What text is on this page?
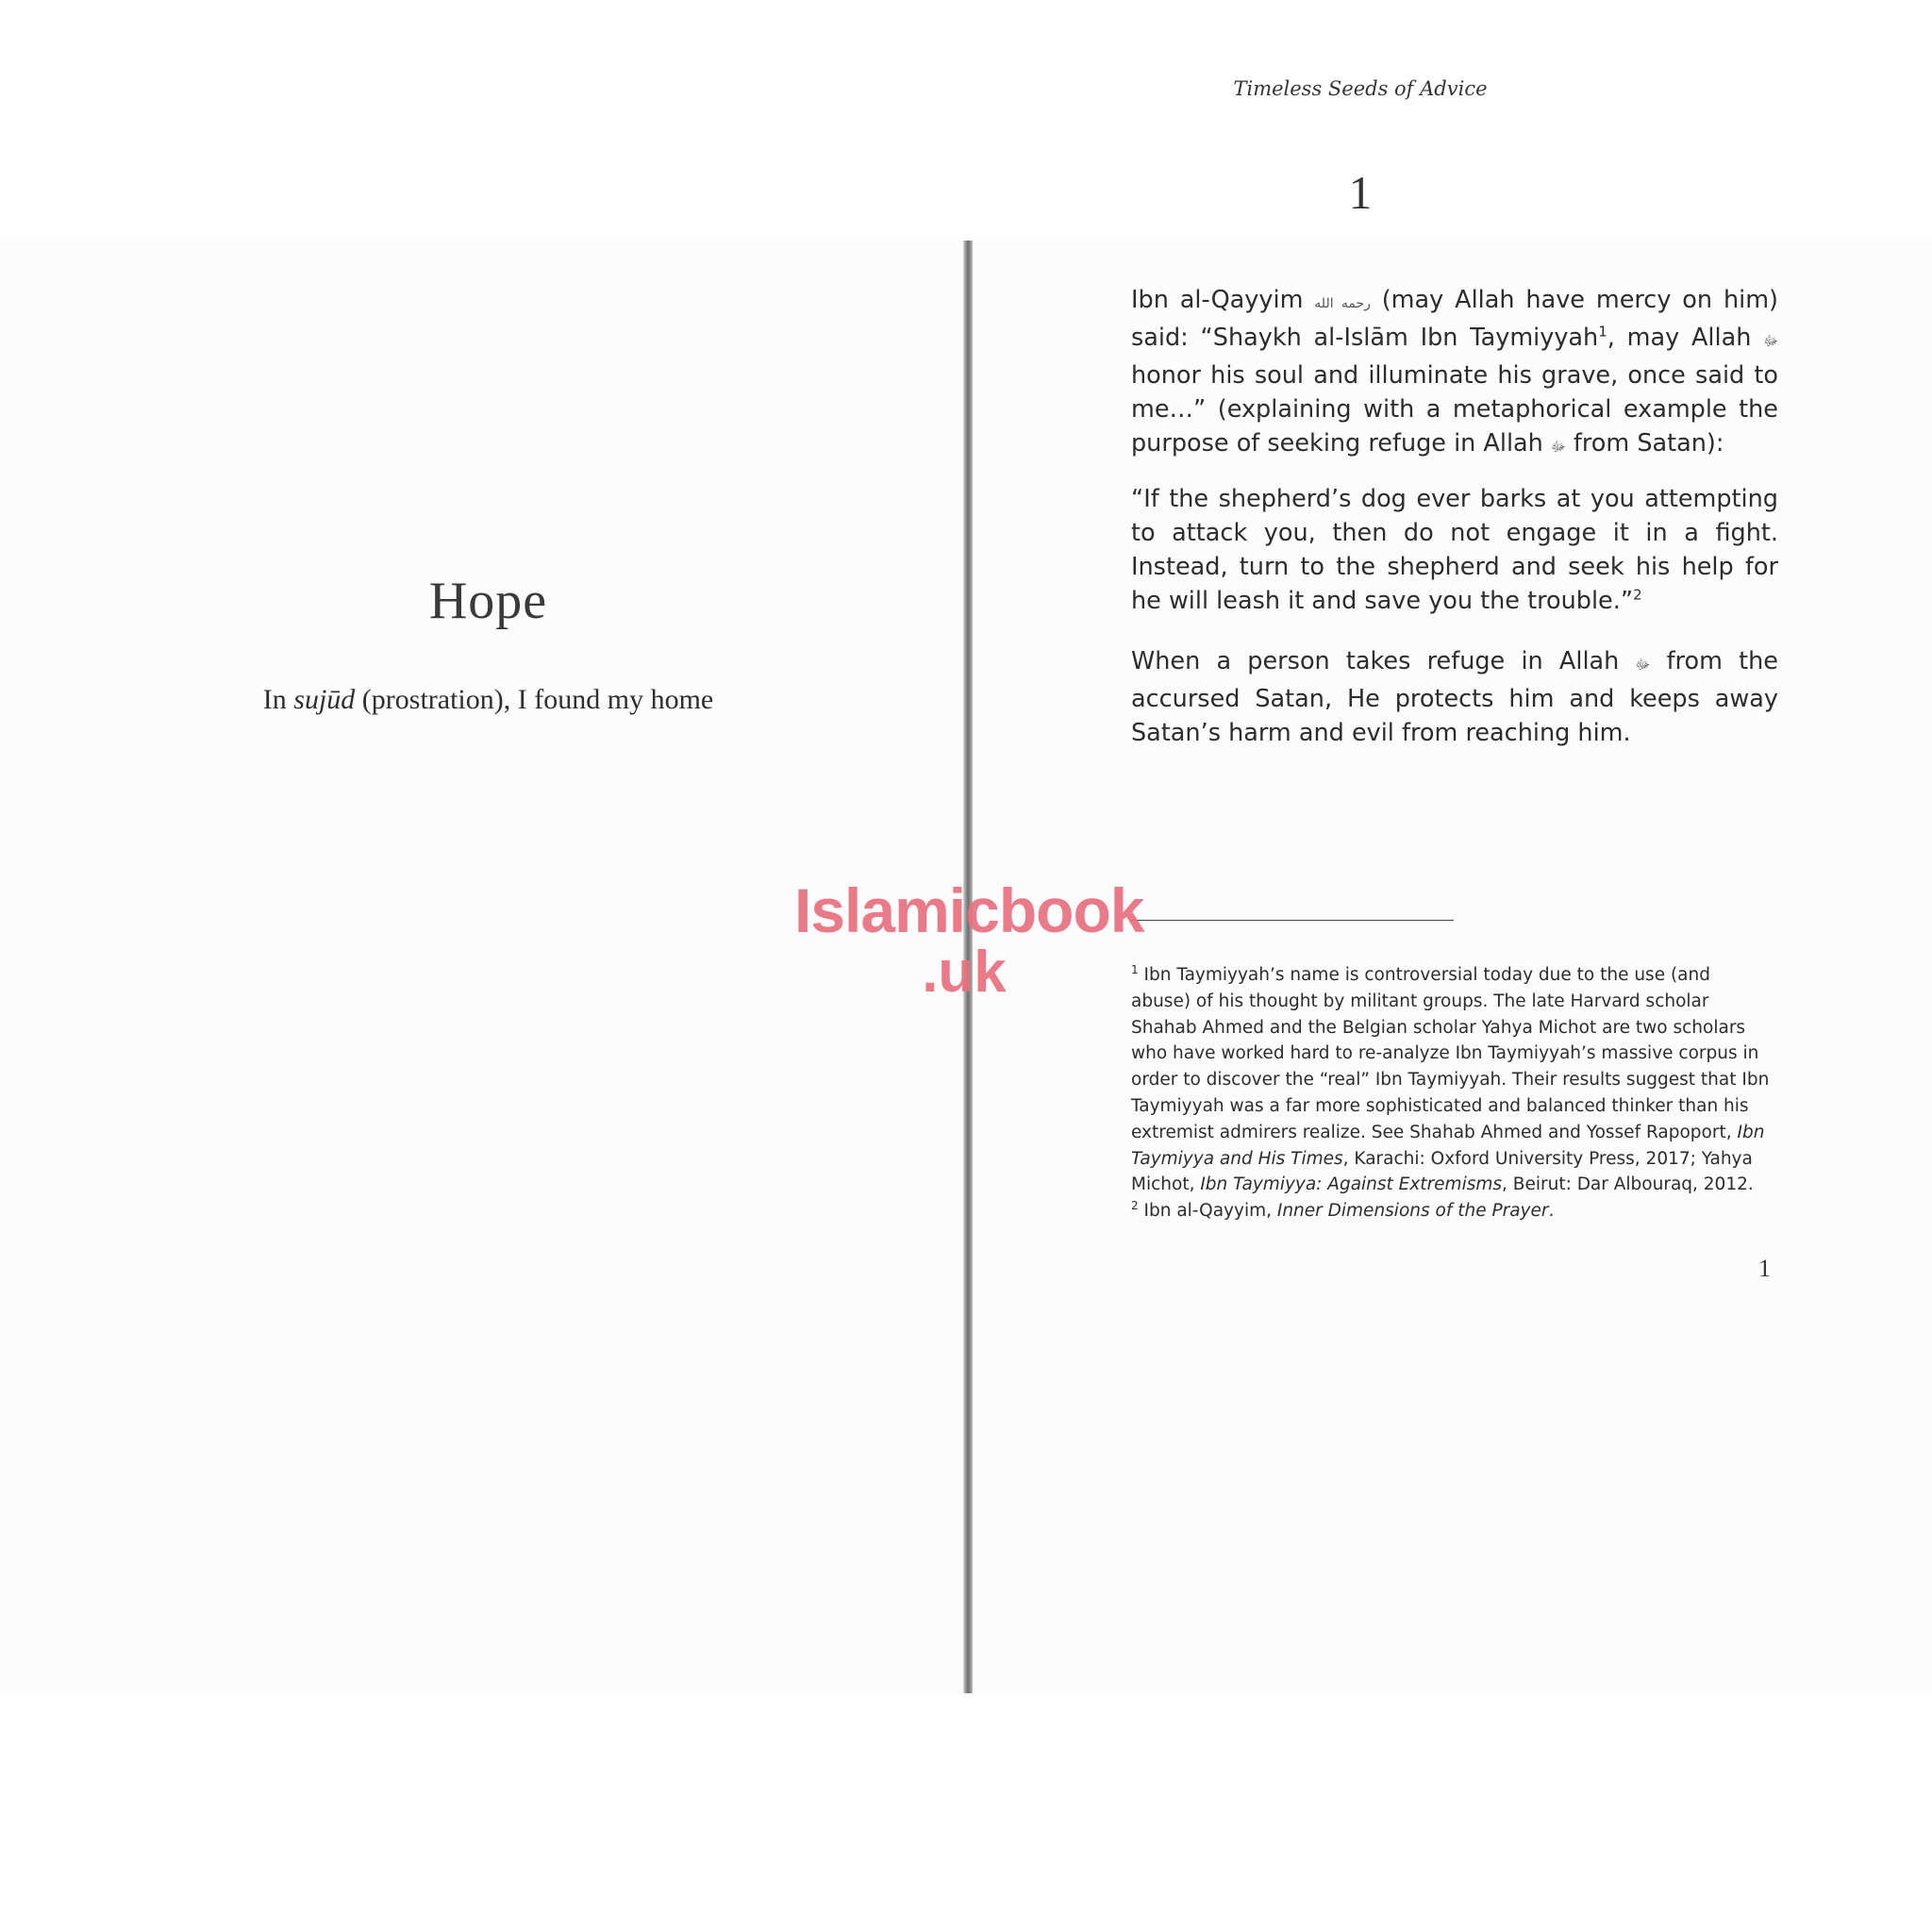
Hope
In sujūd (prostration), I found my home
Timeless Seeds of Advice
1

Ibn al-Qayyim رحمه الله (may Allah have mercy on him) said: “Shaykh al-Islām Ibn Taymiyyah$^1$, may Allah ﷻ honor his soul and illuminate his grave, once said to me…” (explaining with a metaphorical example the purpose of seeking refuge in Allah ﷻ from Satan):

“If the shepherd’s dog ever barks at you attempting to attack you, then do not engage it in a fight. Instead, turn to the shepherd and seek his help for he will leash it and save you the trouble.”$^2$

When a person takes refuge in Allah ﷻ from the accursed Satan, He protects him and keeps away Satan’s harm and evil from reaching him.

$^1$ Ibn Taymiyyah’s name is controversial today due to the use (and abuse) of his thought by militant groups. The late Harvard scholar Shahab Ahmed and the Belgian scholar Yahya Michot are two scholars who have worked hard to re-analyze Ibn Taymiyyah’s massive corpus in order to discover the “real” Ibn Taymiyyah. Their results suggest that Ibn Taymiyyah was a far more sophisticated and balanced thinker than his extremist admirers realize. See Shahab Ahmed and Yossef Rapoport, Ibn Taymiyya and His Times, Karachi: Oxford University Press, 2017; Yahya Michot, Ibn Taymiyya: Against Extremisms, Beirut: Dar Albouraq, 2012.

$^2$ Ibn al-Qayyim, Inner Dimensions of the Prayer.

1
Islamicbook
.uk
